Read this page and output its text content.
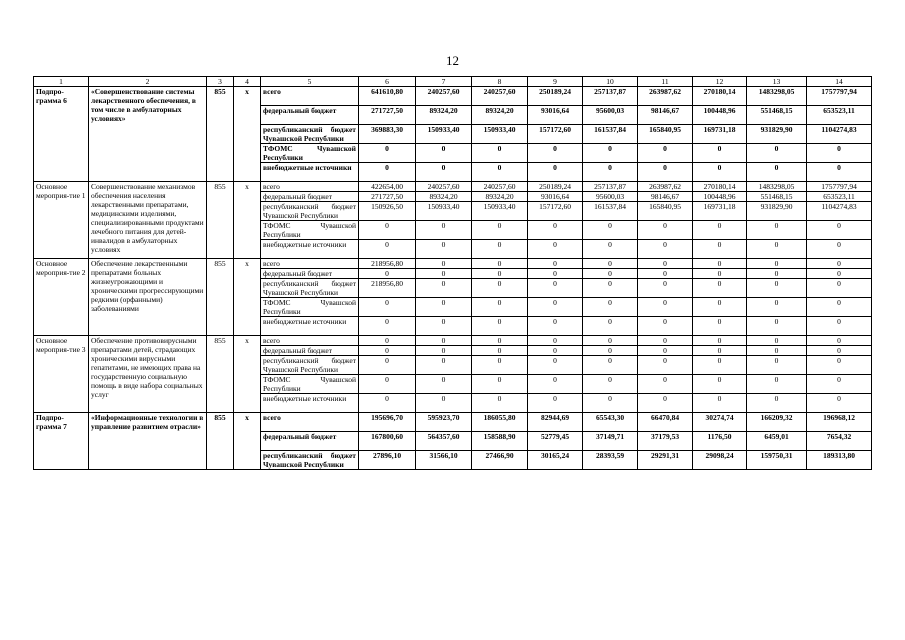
12
1	2	3	4	5	6	7	8	9	10	11	12	13	14
Подпро-грамма 6	«Совершенствование системы лекарственного обеспечения, в том числе в амбулаторных условиях»	855	x	всего	641610,80	240257,60	240257,60	250189,24	257137,87	263987,62	270180,14	1483298,05	1757797,94
				федеральный бюджет	271727,50	89324,20	89324,20	93016,64	95600,03	98146,67	100448,96	551468,15	653523,11
				республиканский бюджет Чувашской Республики	369883,30	150933,40	150933,40	157172,60	161537,84	165840,95	169731,18	931829,90	1104274,83
				ТФОМС Чувашской Республики	0	0	0	0	0	0	0	0	0
				внебюджетные источники	0	0	0	0	0	0	0	0	0
Основное мероприя-тие 1	Совершенствование механизмов обеспечения населения лекарственными препаратами, медицинскими изделиями, специализированными продуктами лечебного питания для детей-инвалидов в амбулаторных условиях	855	x	всего	422654,00	240257,60	240257,60	250189,24	257137,87	263987,62	270180,14	1483298,05	1757797,94
				федеральный бюджет	271727,50	89324,20	89324,20	93016,64	95600,03	98146,67	100448,96	551468,15	653523,11
				республиканский бюджет Чувашской Республики	150926,50	150933,40	150933,40	157172,60	161537,84	165840,95	169731,18	931829,90	1104274,83
				ТФОМС Чувашской Республики	0	0	0	0	0	0	0	0	0
				внебюджетные источники	0	0	0	0	0	0	0	0	0
Основное мероприя-тие 2	Обеспечение лекарственными препаратами больных жизнеугрожающими и хроническими прогрессирующими редкими (орфанными) заболеваниями	855	x	всего	218956,80	0	0	0	0	0	0	0	0
				федеральный бюджет	0	0	0	0	0	0	0	0	0
				республиканский бюджет Чувашской Республики	218956,80	0	0	0	0	0	0	0	0
				ТФОМС Чувашской Республики	0	0	0	0	0	0	0	0	0
				внебюджетные источники	0	0	0	0	0	0	0	0	0
Основное мероприя-тие 3	Обеспечение противовирусными препаратами детей, страдающих хроническими вирусными гепатитами, не имеющих права на государственную социальную помощь в виде набора социальных услуг	855	x	всего	0	0	0	0	0	0	0	0	0
				федеральный бюджет	0	0	0	0	0	0	0	0	0
				республиканский бюджет Чувашской Республики	0	0	0	0	0	0	0	0	0
				ТФОМС Чувашской Республики	0	0	0	0	0	0	0	0	0
				внебюджетные источники	0	0	0	0	0	0	0	0	0
Подпро-грамма 7	«Информационные технологии в управление развитием отрасли»	855	x	всего	195696,70	595923,70	186055,80	82944,69	65543,30	66470,84	30274,74	166209,32	196968,12
				федеральный бюджет	167800,60	564357,60	158588,90	52779,45	37149,71	37179,53	1176,50	6459,01	7654,32
				республиканский бюджет Чувашской Республики	27896,10	31566,10	27466,90	30165,24	28393,59	29291,31	29098,24	159750,31	189313,80
